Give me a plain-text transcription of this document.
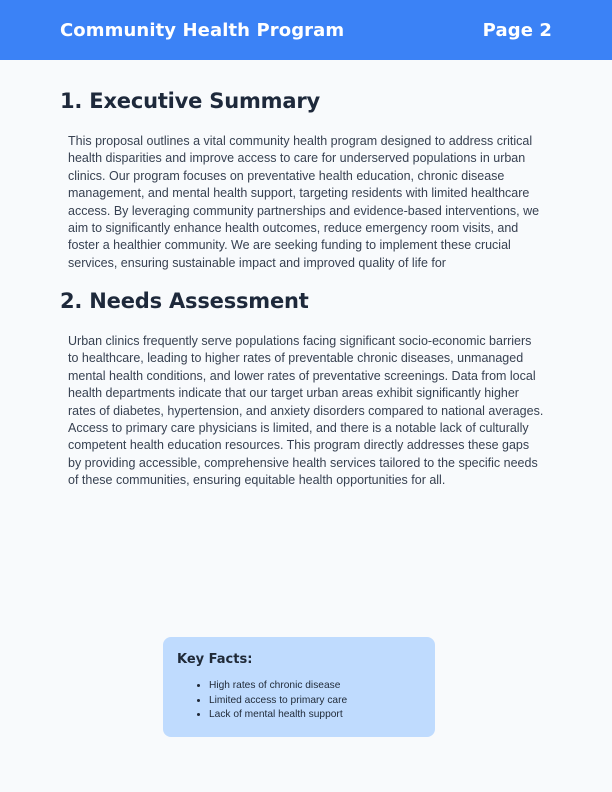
Community Health Program	Page 2
1. Executive Summary

This proposal outlines a vital community health program designed to address critical health disparities and improve access to care for underserved populations in urban clinics. Our program focuses on preventative health education, chronic disease management, and mental health support, targeting residents with limited healthcare access. By leveraging community partnerships and evidence-based interventions, we aim to significantly enhance health outcomes, reduce emergency room visits, and foster a healthier community. We are seeking funding to implement these crucial services, ensuring sustainable impact and improved quality of life for

2. Needs Assessment

Urban clinics frequently serve populations facing significant socio-economic barriers to healthcare, leading to higher rates of preventable chronic diseases, unmanaged mental health conditions, and lower rates of preventative screenings. Data from local health departments indicate that our target urban areas exhibit significantly higher rates of diabetes, hypertension, and anxiety disorders compared to national averages. Access to primary care physicians is limited, and there is a notable lack of culturally competent health education resources. This program directly addresses these gaps by providing accessible, comprehensive health services tailored to the specific needs of these communities, ensuring equitable health opportunities for all.

Key Facts:

• High rates of chronic disease
• Limited access to primary care
• Lack of mental health support
